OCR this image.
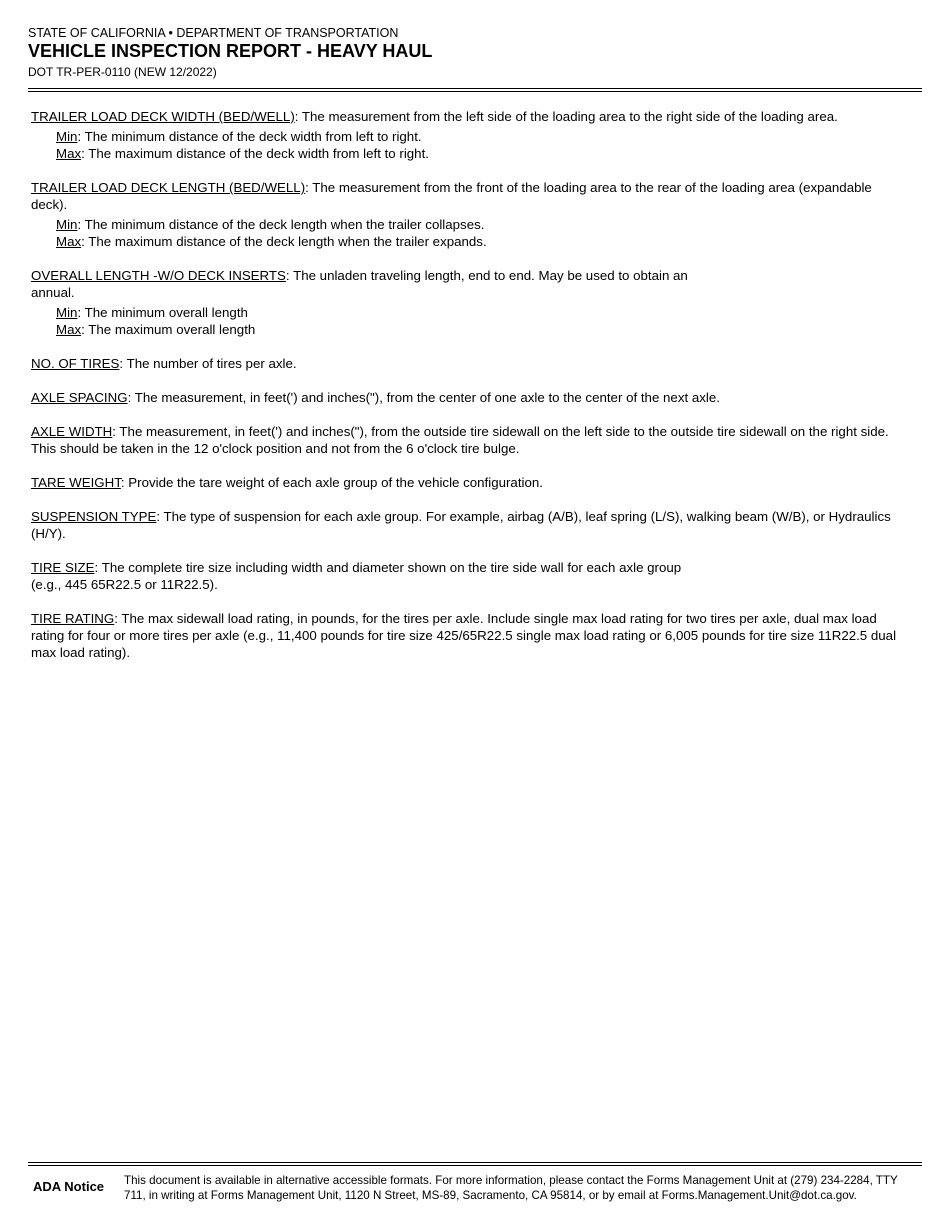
STATE OF CALIFORNIA • DEPARTMENT OF TRANSPORTATION
VEHICLE INSPECTION REPORT - HEAVY HAUL
DOT TR-PER-0110 (NEW 12/2022)
TRAILER LOAD DECK WIDTH (BED/WELL): The measurement from the left side of the loading area to the right side of the loading area.
Min: The minimum distance of the deck width from left to right.
Max: The maximum distance of the deck width from left to right.
TRAILER LOAD DECK LENGTH (BED/WELL): The measurement from the front of the loading area to the rear of the loading area (expandable deck).
Min: The minimum distance of the deck length when the trailer collapses.
Max: The maximum distance of the deck length when the trailer expands.
OVERALL LENGTH -W/O DECK INSERTS: The unladen traveling length, end to end. May be used to obtain an
annual.
Min: The minimum overall length
Max: The maximum overall length
NO. OF TIRES: The number of tires per axle.
AXLE SPACING: The measurement, in feet(') and inches("), from the center of one axle to the center of the next axle.
AXLE WIDTH: The measurement, in feet(') and inches("), from the outside tire sidewall on the left side to the outside tire sidewall on the right side. This should be taken in the 12 o'clock position and not from the 6 o'clock tire bulge.
TARE WEIGHT: Provide the tare weight of each axle group of the vehicle configuration.
SUSPENSION TYPE: The type of suspension for each axle group. For example, airbag (A/B), leaf spring (L/S), walking beam (W/B), or Hydraulics (H/Y).
TIRE SIZE: The complete tire size including width and diameter shown on the tire side wall for each axle group
(e.g., 445 65R22.5 or 11R22.5).
TIRE RATING: The max sidewall load rating, in pounds, for the tires per axle. Include single max load rating for two tires per axle, dual max load rating for four or more tires per axle (e.g., 11,400 pounds for tire size 425/65R22.5 single max load rating or 6,005 pounds for tire size 11R22.5 dual max load rating).
ADA Notice	This document is available in alternative accessible formats. For more information, please contact the Forms Management Unit at (279) 234-2284, TTY 711, in writing at Forms Management Unit, 1120 N Street, MS-89, Sacramento, CA 95814, or by email at Forms.Management.Unit@dot.ca.gov.
